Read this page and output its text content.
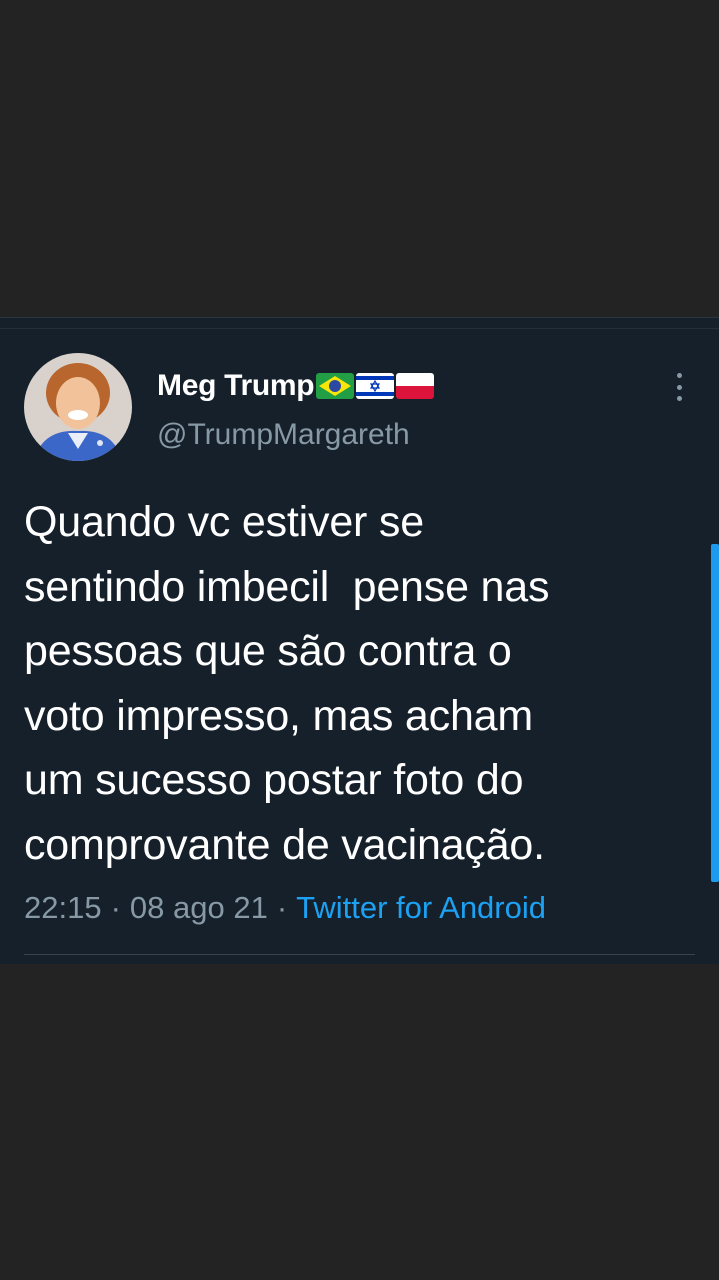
Meg Trump
@TrumpMargareth
Quando vc estiver se
sentindo imbecil  pense nas
pessoas que são contra o
voto impresso, mas acham
um sucesso postar foto do
comprovante de vacinação.
22:15 · 08 ago 21 · Twitter for Android
